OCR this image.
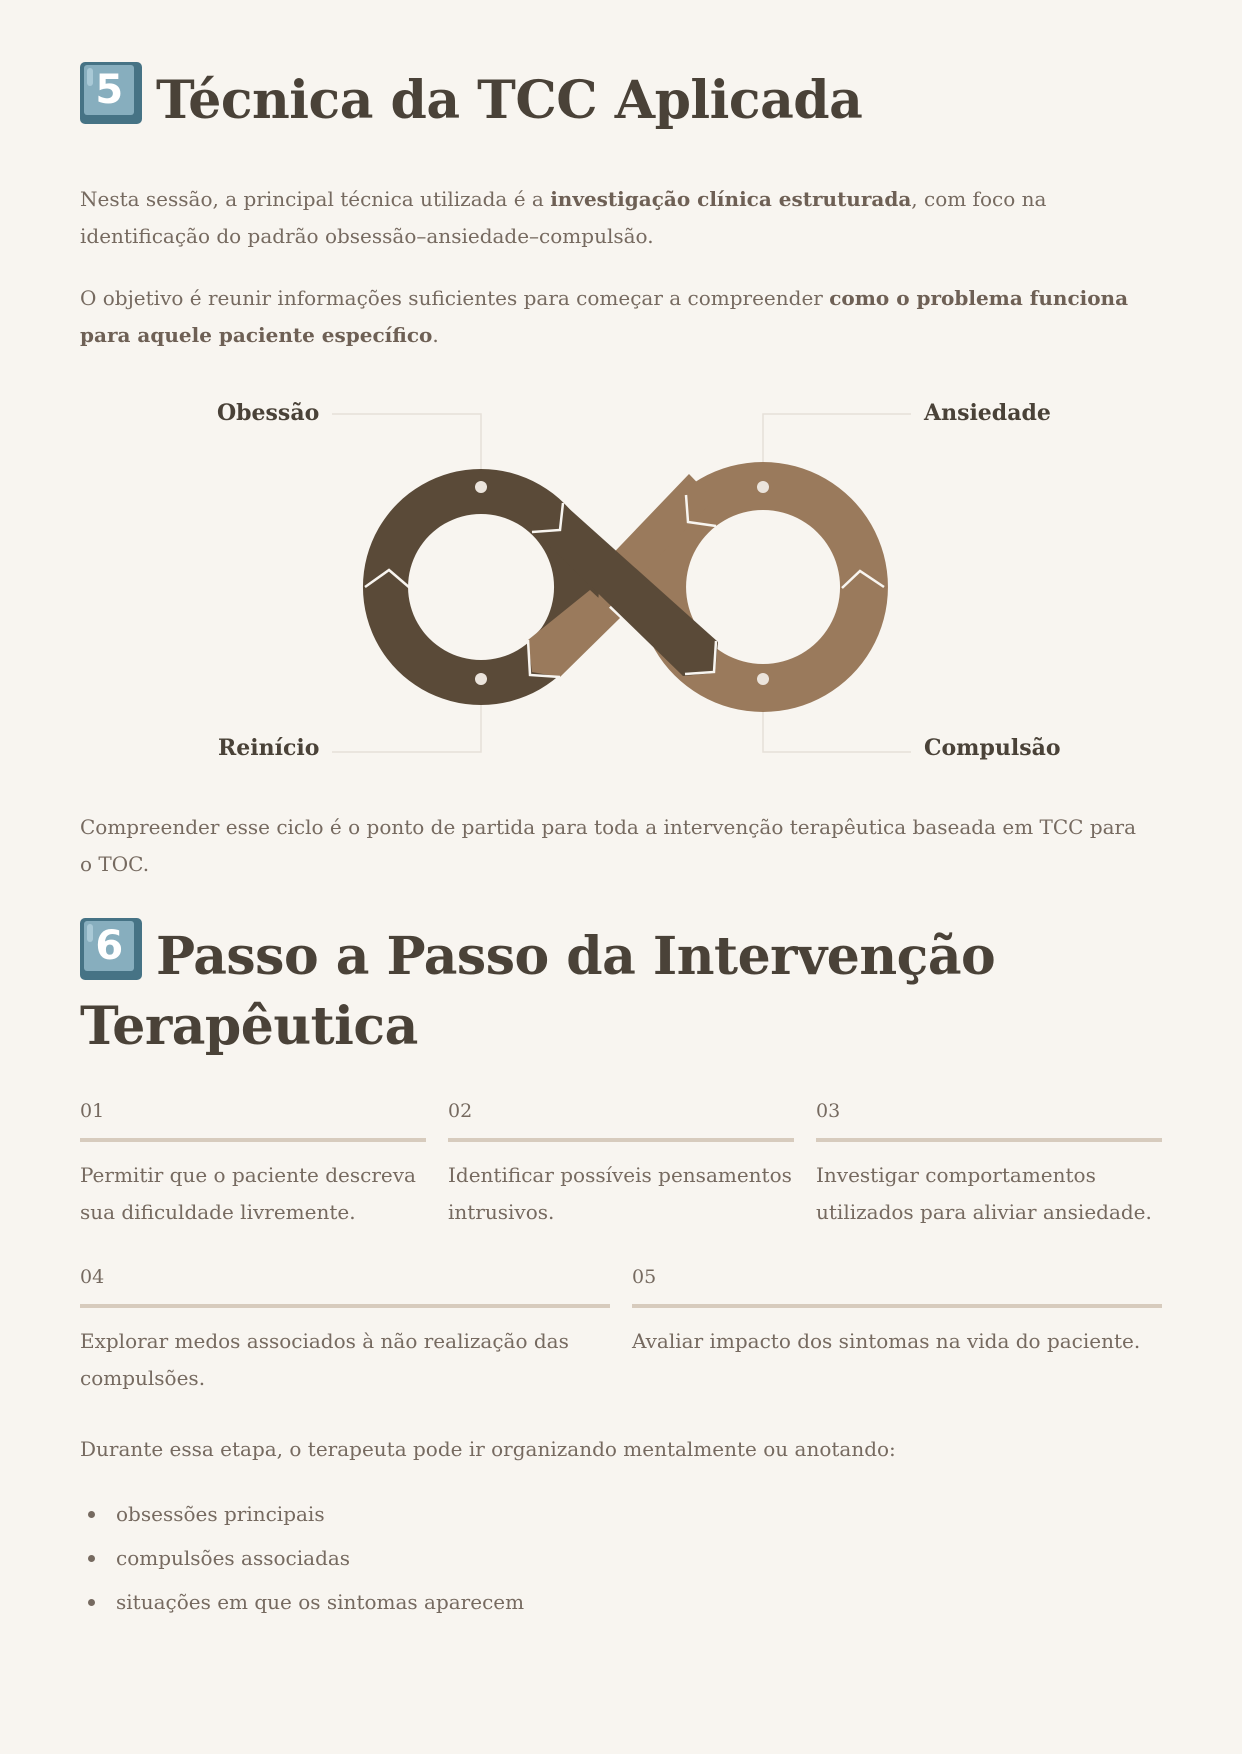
5 Técnica da TCC Aplicada

Nesta sessão, a principal técnica utilizada é a investigação clínica estruturada, com foco na identificação do padrão obsessão–ansiedade–compulsão.

O objetivo é reunir informações suficientes para começar a compreender como o problema funciona para aquele paciente específico.

Obessão	Ansiedade
Reinício	Compulsão

Compreender esse ciclo é o ponto de partida para toda a intervenção terapêutica baseada em TCC para o TOC.

6 Passo a Passo da Intervenção Terapêutica
01
Permitir que o paciente descreva sua dificuldade livremente.
02
Identificar possíveis pensamentos intrusivos.
03
Investigar comportamentos utilizados para aliviar ansiedade.
04
Explorar medos associados à não realização das compulsões.
05
Avaliar impacto dos sintomas na vida do paciente.

Durante essa etapa, o terapeuta pode ir organizando mentalmente ou anotando:

obsessões principais
compulsões associadas
situações em que os sintomas aparecem
